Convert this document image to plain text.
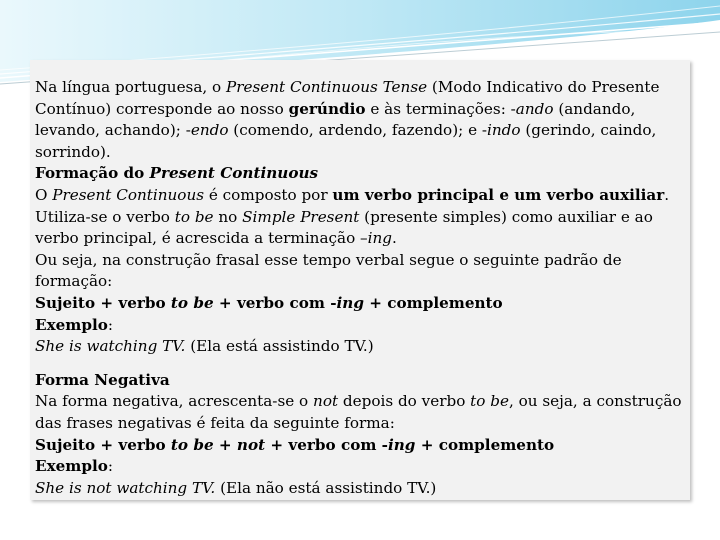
Na língua portuguesa, o Present Continuous Tense (Modo Indicativo do Presente Contínuo) corresponde ao nosso gerúndio e às terminações: -ando (andando, levando, achando); -endo (comendo, ardendo, fazendo); e -indo (gerindo, caindo, sorrindo).

Formação do Present Continuous

O Present Continuous é composto por um verbo principal e um verbo auxiliar.

Utiliza-se o verbo to be no Simple Present (presente simples) como auxiliar e ao verbo principal, é acrescida a terminação –ing.

Ou seja, na construção frasal esse tempo verbal segue o seguinte padrão de formação:

Sujeito + verbo to be + verbo com -ing + complemento

Exemplo:

She is watching TV. (Ela está assistindo TV.)

Forma Negativa

Na forma negativa, acrescenta-se o not depois do verbo to be, ou seja, a construção das frases negativas é feita da seguinte forma:

Sujeito + verbo to be + not + verbo com -ing + complemento

Exemplo:

She is not watching TV. (Ela não está assistindo TV.)
